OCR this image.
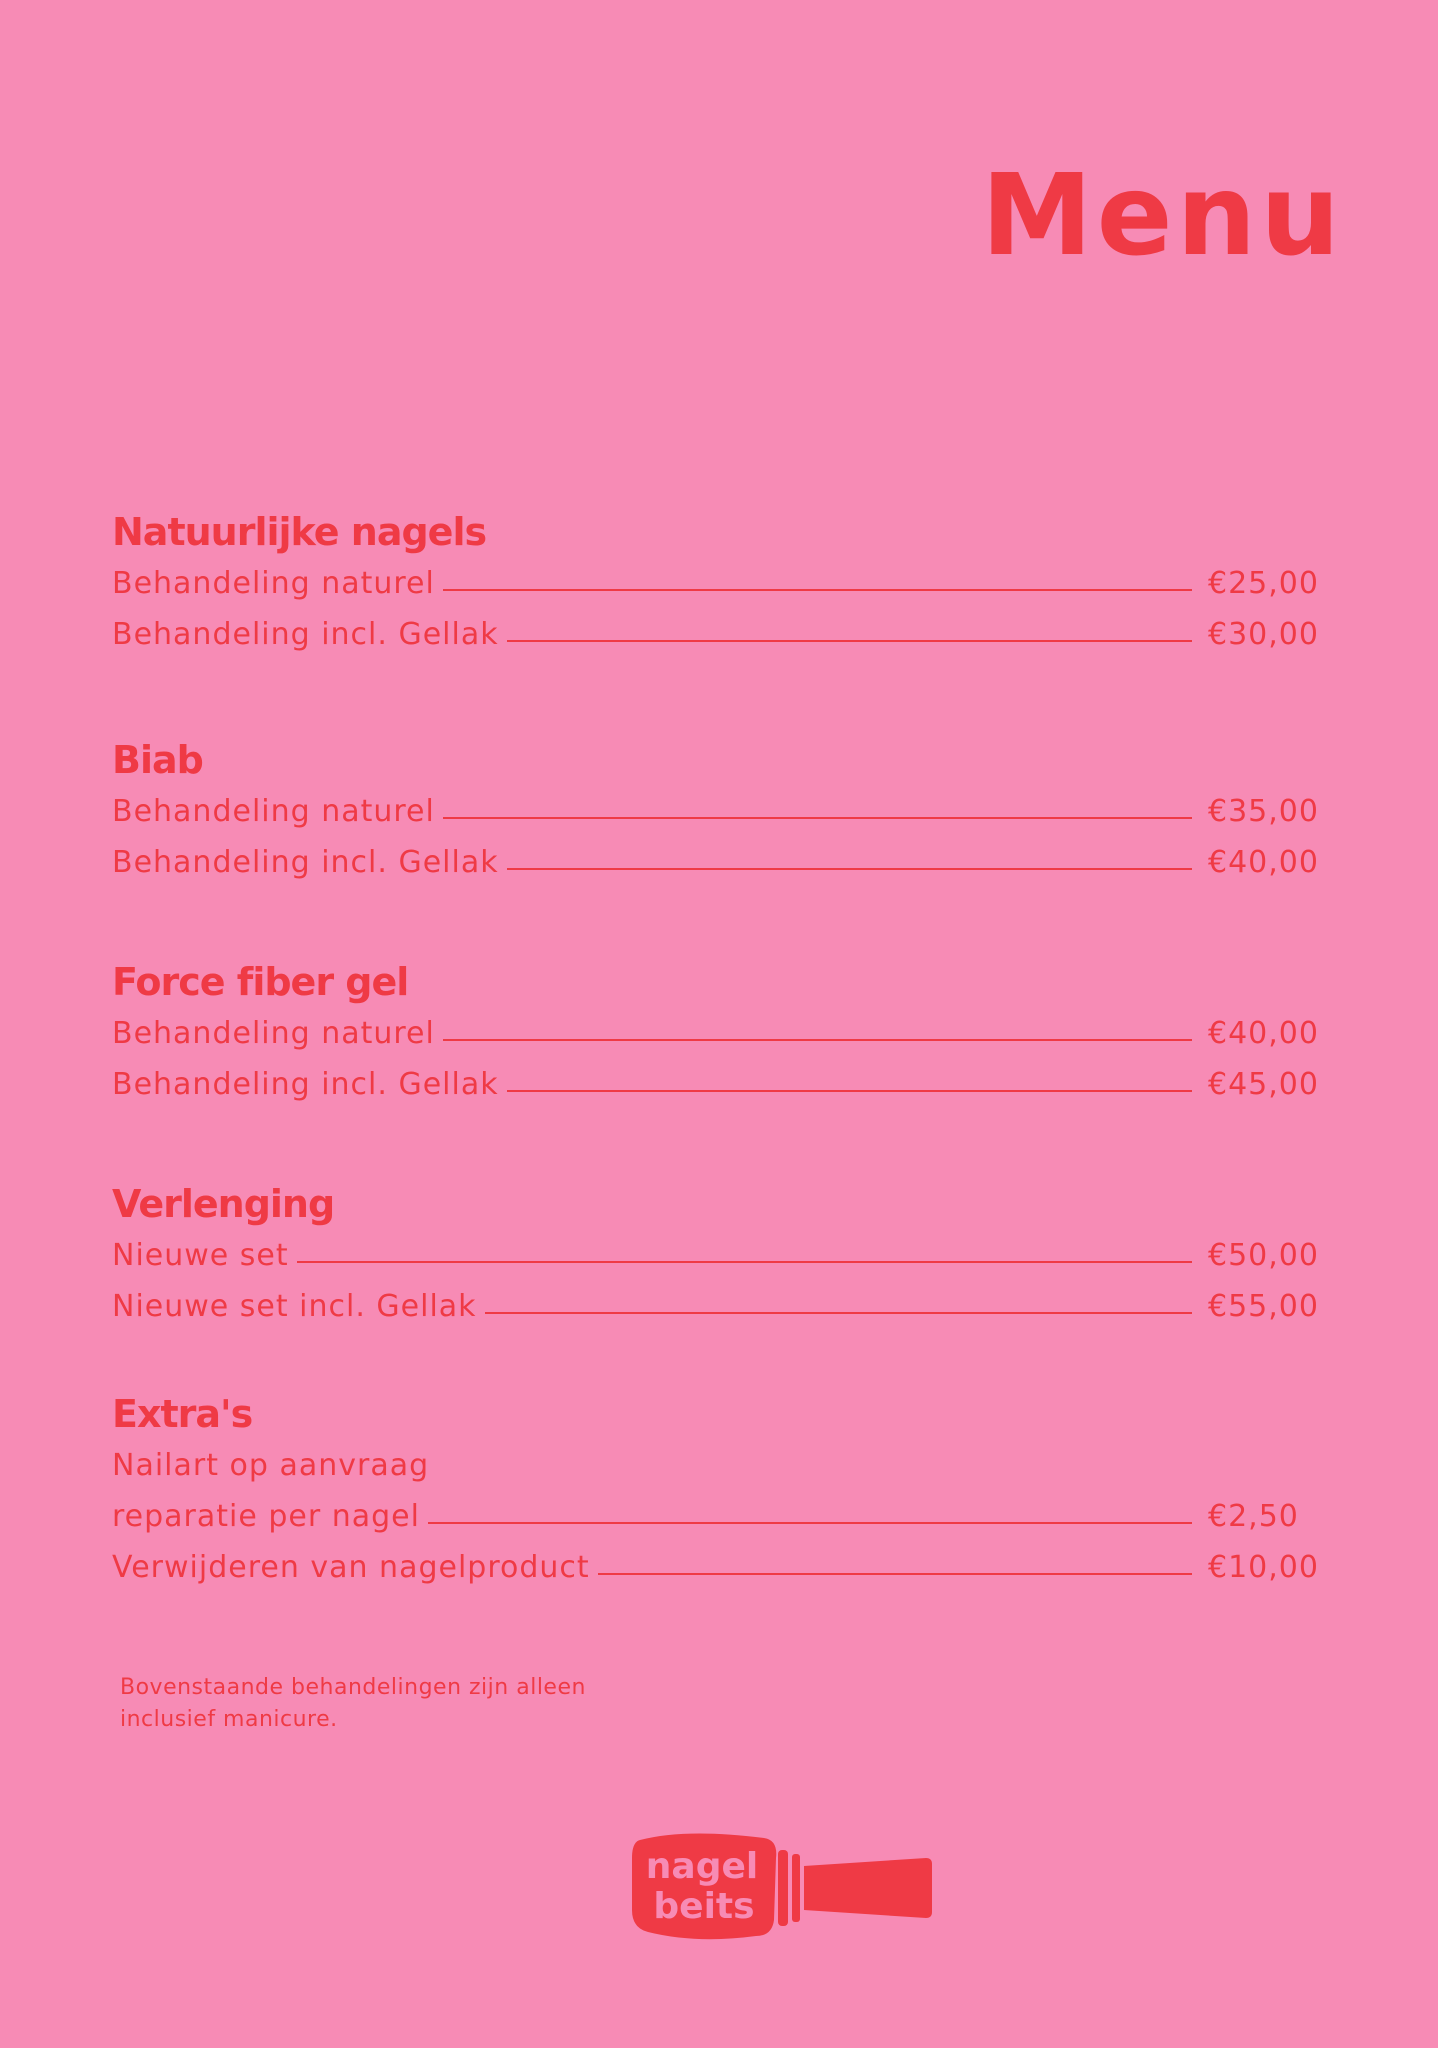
Menu
Natuurlijke nagels
Behandeling naturel	€25,00
Behandeling incl. Gellak	€30,00
Biab
Behandeling naturel	€35,00
Behandeling incl. Gellak	€40,00
Force fiber gel
Behandeling naturel	€40,00
Behandeling incl. Gellak	€45,00
Verlenging
Nieuwe set	€50,00
Nieuwe set incl. Gellak	€55,00
Extra's
Nailart op aanvraag
reparatie per nagel	€2,50
Verwijderen van nagelproduct	€10,00
Bovenstaande behandelingen zijn alleen inclusief manicure.
nagel
beits
